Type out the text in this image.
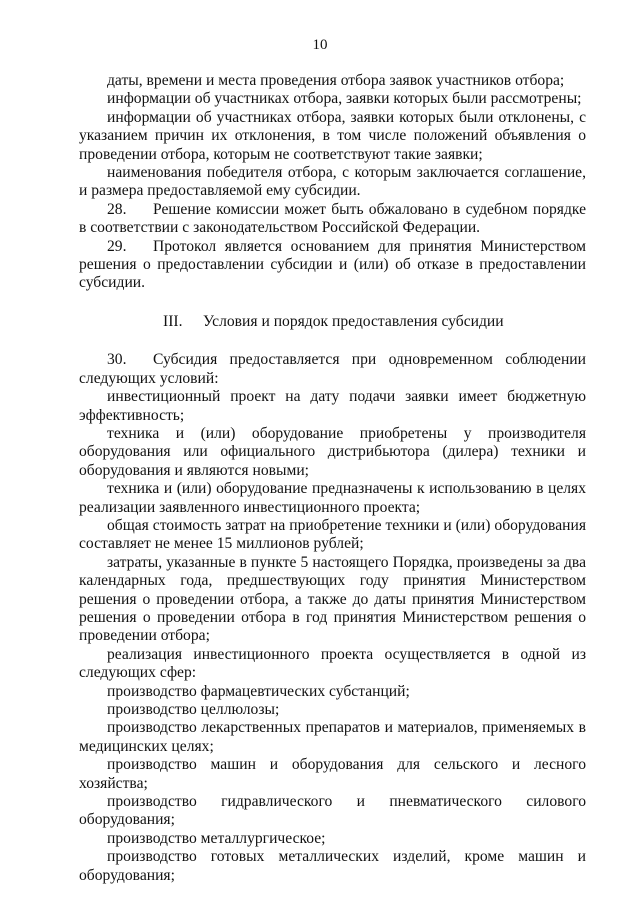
10

даты, времени и места проведения отбора заявок участников отбора;

информации об участниках отбора, заявки которых были рассмотрены;

информации об участниках отбора, заявки которых были отклонены, с указанием причин их отклонения, в том числе положений объявления о проведении отбора, которым не соответствуют такие заявки;

наименования победителя отбора, с которым заключается соглашение, и размера предоставляемой ему субсидии.

28. Решение комиссии может быть обжаловано в судебном порядке в соответствии с законодательством Российской Федерации.

29. Протокол является основанием для принятия Министерством решения о предоставлении субсидии и (или) об отказе в предоставлении субсидии.

III. Условия и порядок предоставления субсидии

30. Субсидия предоставляется при одновременном соблюдении следующих условий:

инвестиционный проект на дату подачи заявки имеет бюджетную эффективность;

техника и (или) оборудование приобретены у производителя оборудования или официального дистрибьютора (дилера) техники и оборудования и являются новыми;

техника и (или) оборудование предназначены к использованию в целях реализации заявленного инвестиционного проекта;

общая стоимость затрат на приобретение техники и (или) оборудования составляет не менее 15 миллионов рублей;

затраты, указанные в пункте 5 настоящего Порядка, произведены за два календарных года, предшествующих году принятия Министерством решения о проведении отбора, а также до даты принятия Министерством решения о проведении отбора в год принятия Министерством решения о проведении отбора;

реализация инвестиционного проекта осуществляется в одной из следующих сфер:

производство фармацевтических субстанций;

производство целлюлозы;

производство лекарственных препаратов и материалов, применяемых в медицинских целях;

производство машин и оборудования для сельского и лесного хозяйства;

производство гидравлического и пневматического силового оборудования;

производство металлургическое;

производство готовых металлических изделий, кроме машин и оборудования;
